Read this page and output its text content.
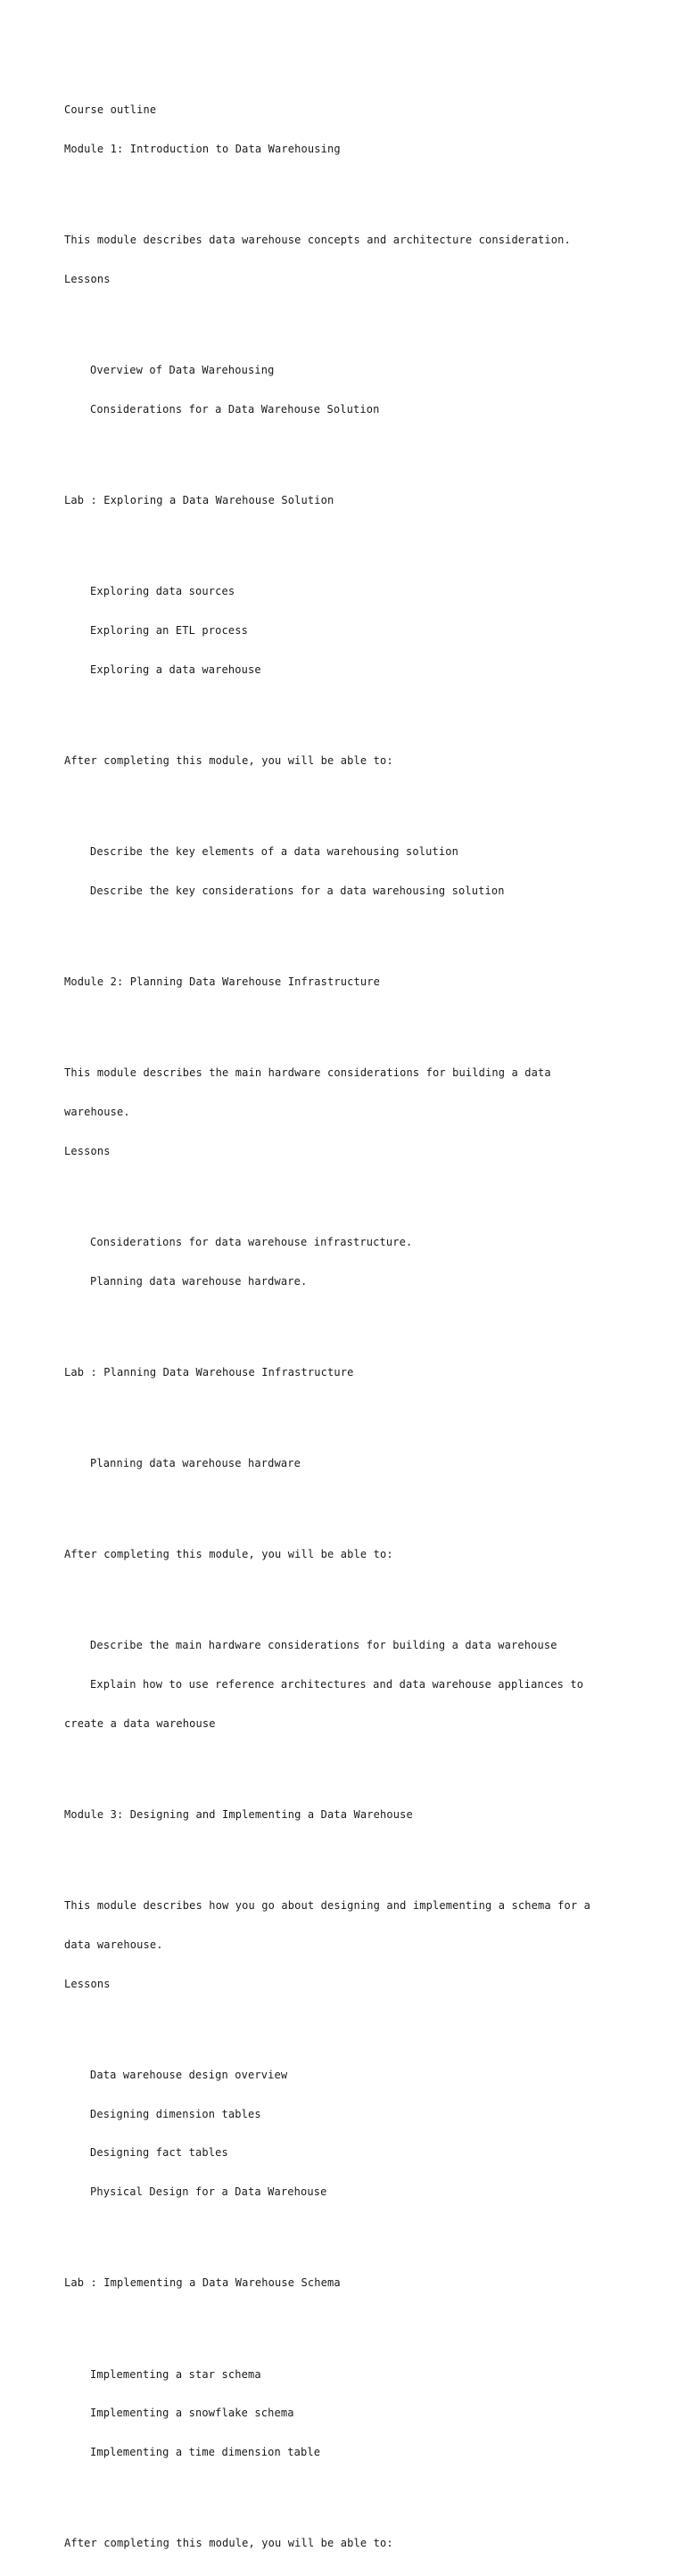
Course outline

Module 1: Introduction to Data Warehousing

This module describes data warehouse concepts and architecture consideration.

Lessons

Overview of Data Warehousing

Considerations for a Data Warehouse Solution

Lab : Exploring a Data Warehouse Solution

Exploring data sources

Exploring an ETL process

Exploring a data warehouse

After completing this module, you will be able to:

Describe the key elements of a data warehousing solution

Describe the key considerations for a data warehousing solution

Module 2: Planning Data Warehouse Infrastructure

This module describes the main hardware considerations for building a data

warehouse.

Lessons

Considerations for data warehouse infrastructure.

Planning data warehouse hardware.

Lab : Planning Data Warehouse Infrastructure

Planning data warehouse hardware

After completing this module, you will be able to:

Describe the main hardware considerations for building a data warehouse

Explain how to use reference architectures and data warehouse appliances to

create a data warehouse

Module 3: Designing and Implementing a Data Warehouse

This module describes how you go about designing and implementing a schema for a

data warehouse.

Lessons

Data warehouse design overview

Designing dimension tables

Designing fact tables

Physical Design for a Data Warehouse

Lab : Implementing a Data Warehouse Schema

Implementing a star schema

Implementing a snowflake schema

Implementing a time dimension table

After completing this module, you will be able to:
